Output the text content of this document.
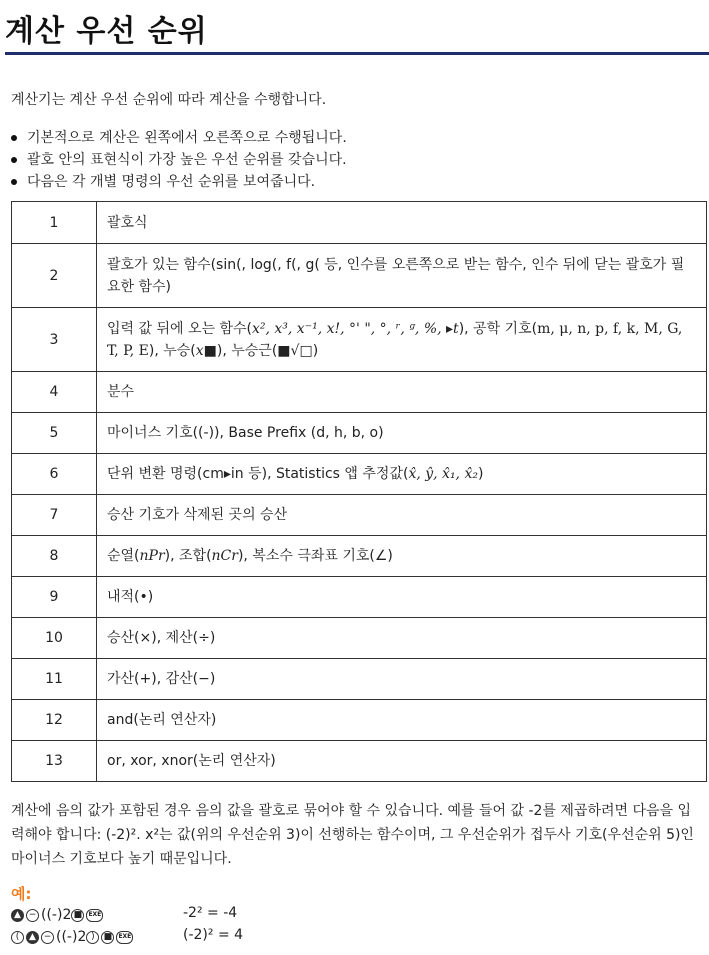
계산 우선 순위

계산기는 계산 우선 순위에 따라 계산을 수행합니다.

기본적으로 계산은 왼쪽에서 오른쪽으로 수행됩니다.
괄호 안의 표현식이 가장 높은 우선 순위를 갖습니다.
다음은 각 개별 명령의 우선 순위를 보여줍니다.
1	괄호식
2	괄호가 있는 함수(sin(, log(, f(, g( 등, 인수를 오른쪽으로 받는 함수, 인수 뒤에 닫는 괄호가 필요한 함수)
3	입력 값 뒤에 오는 함수(x², x³, x⁻¹, x!, °' ", °, ʳ, ᵍ, %, ▸t), 공학 기호(m, μ, n, p, f, k, M, G, T, P, E), 누승(x■), 누승근(■√□)
4	분수
5	마이너스 기호((-)), Base Prefix (d, h, b, o)
6	단위 변환 명령(cm▸in 등), Statistics 앱 추정값(x̂, ŷ, x̂₁, x̂₂)
7	승산 기호가 삭제된 곳의 승산
8	순열(nPr), 조합(nCr), 복소수 극좌표 기호(∠)
9	내적(•)
10	승산(×), 제산(÷)
11	가산(+), 감산(−)
12	and(논리 연산자)
13	or, xor, xnor(논리 연산자)

계산에 음의 값가 포함된 경우 음의 값을 괄호로 묶어야 할 수 있습니다. 예를 들어 값 -2를 제곱하려면 다음을 입력해야 합니다: (-2)². x²는 값(위의 우선순위 3)이 선행하는 함수이며, 그 우선순위가 접두사 기호(우선순위 5)인 마이너스 기호보다 높기 때문입니다.

예:

▲ − ((-)2 ■	EXE	-2² = -4
(	▲ − ((-)2 ) ■	EXE	(-2)² = 4
